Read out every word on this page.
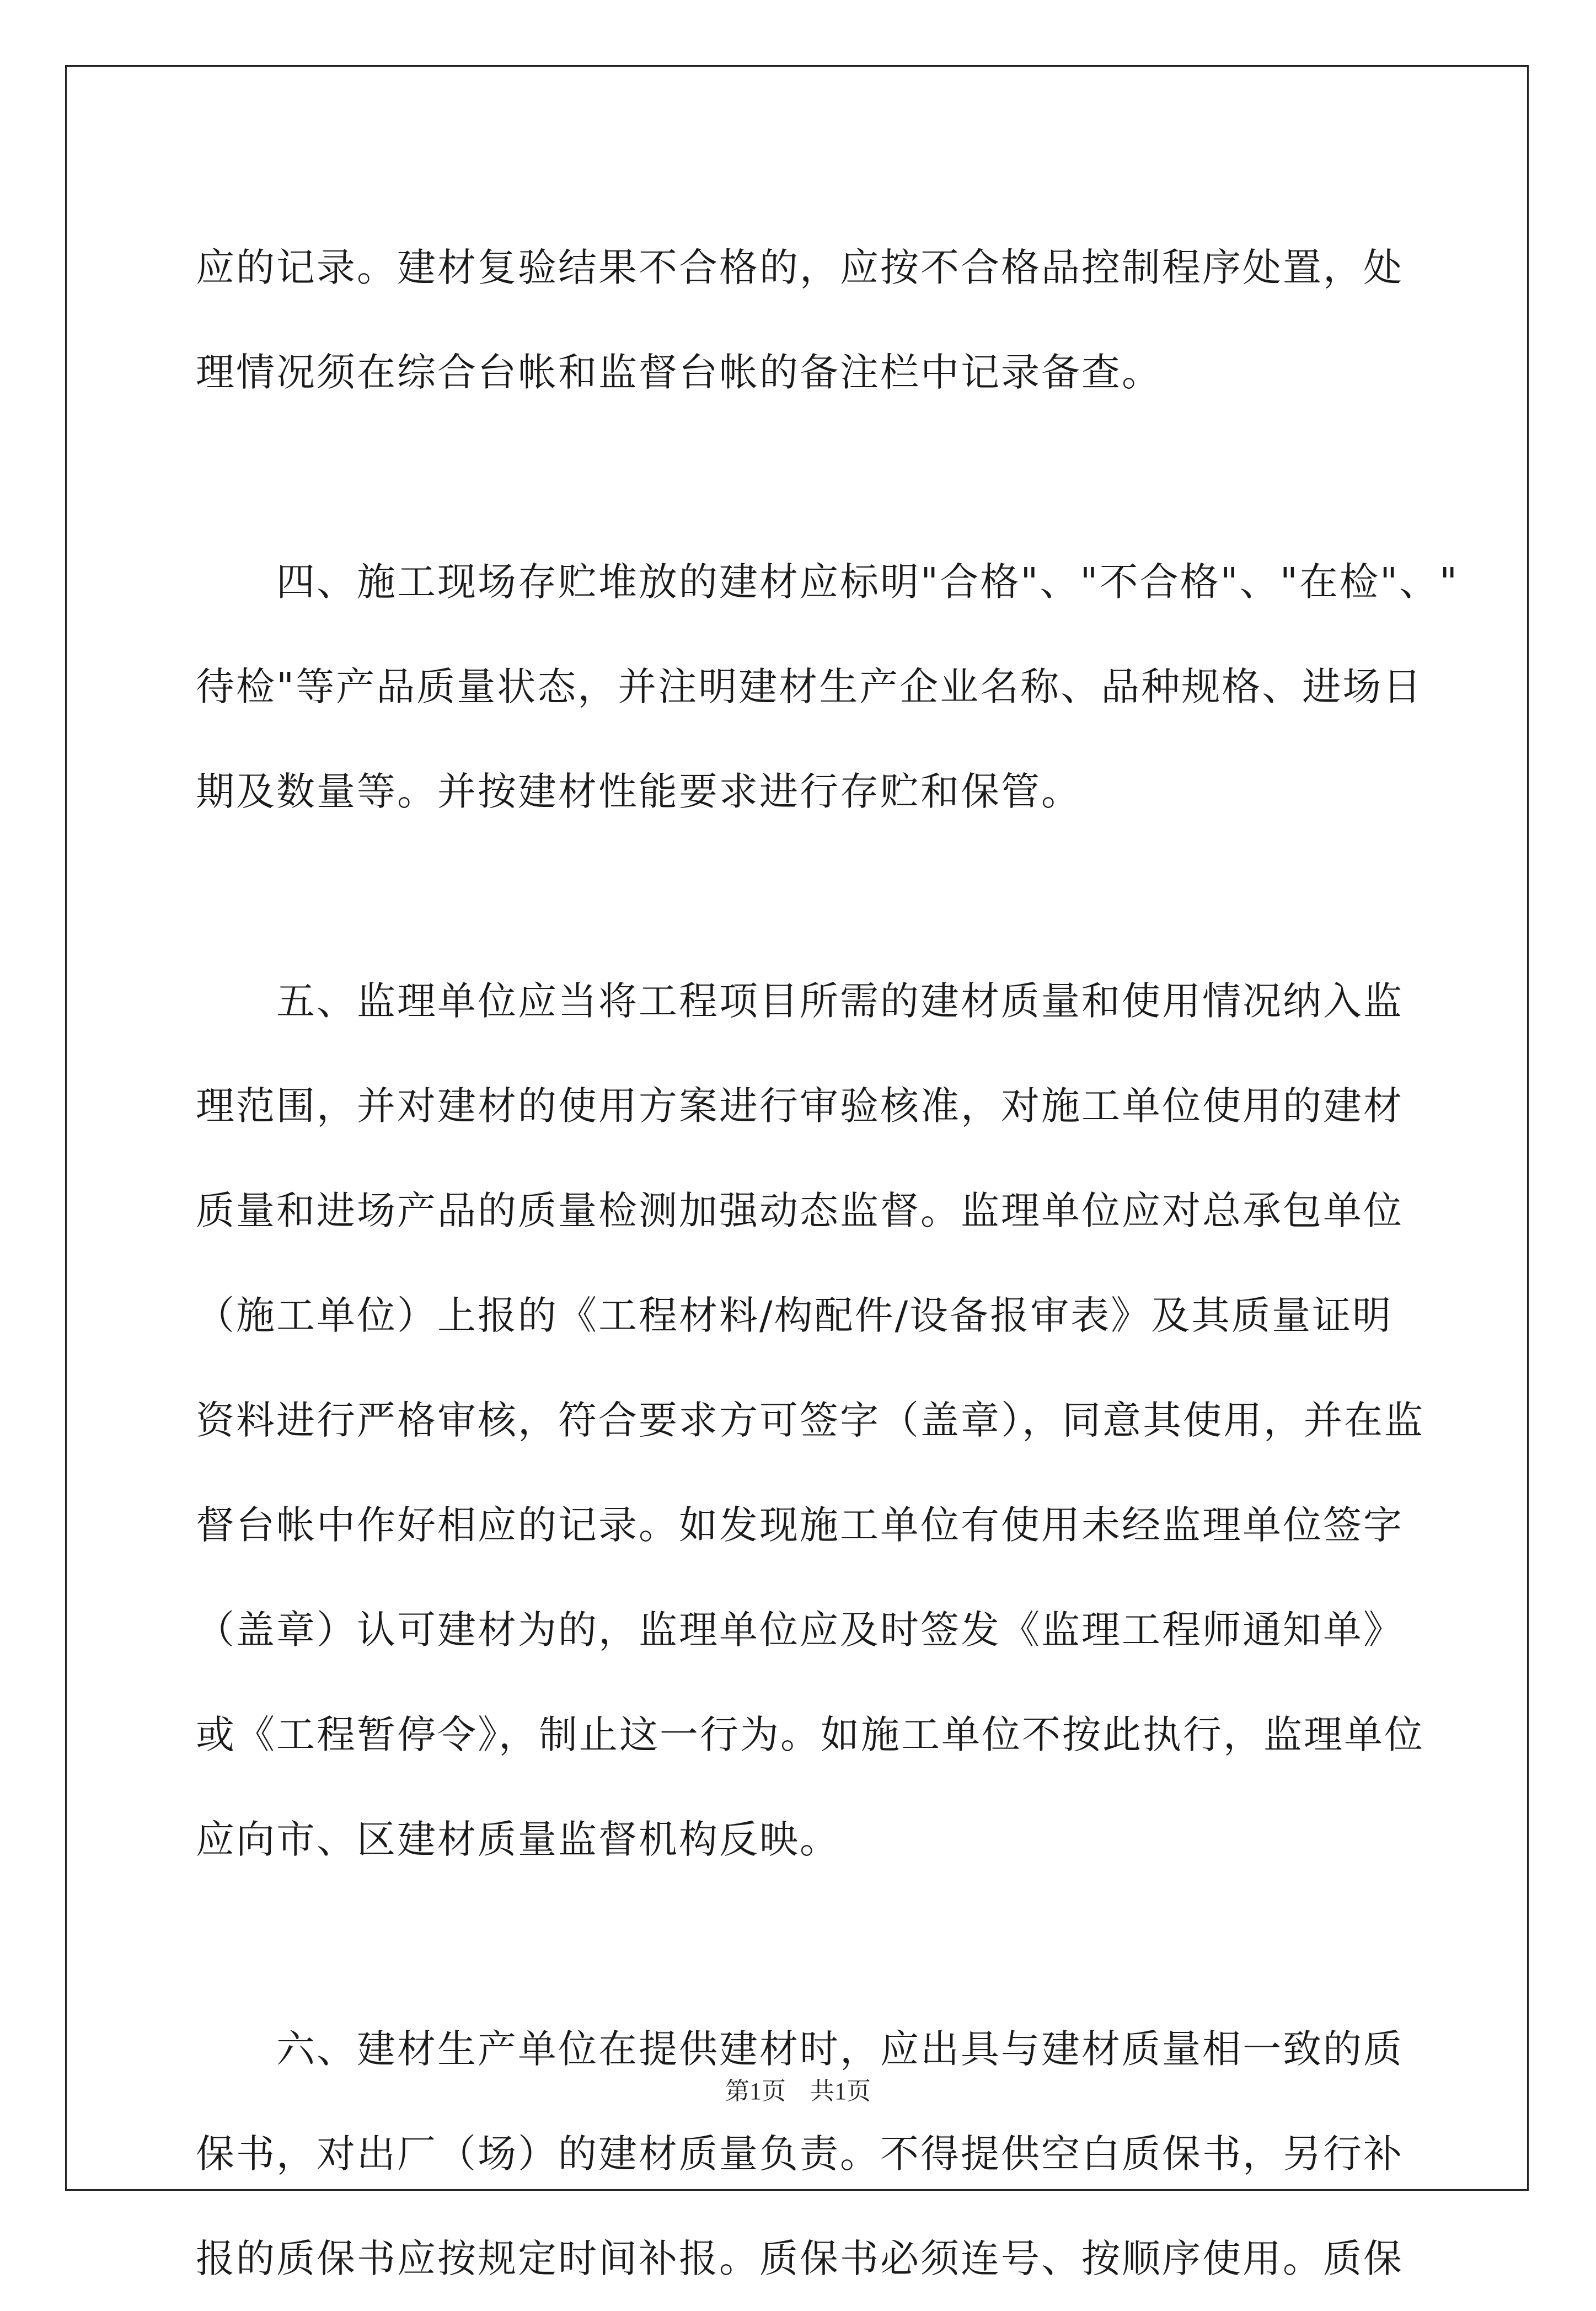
应的记录。建材复验结果不合格的，应按不合格品控制程序处置，处
理情况须在综合台帐和监督台帐的备注栏中记录备查。
　　四、施工现场存贮堆放的建材应标明"合格"、"不合格"、"在检"、"
待检"等产品质量状态，并注明建材生产企业名称、品种规格、进场日
期及数量等。并按建材性能要求进行存贮和保管。
　　五、监理单位应当将工程项目所需的建材质量和使用情况纳入监
理范围，并对建材的使用方案进行审验核准，对施工单位使用的建材
质量和进场产品的质量检测加强动态监督。监理单位应对总承包单位
（施工单位）上报的《工程材料/构配件/设备报审表》及其质量证明
资料进行严格审核，符合要求方可签字（盖章），同意其使用，并在监
督台帐中作好相应的记录。如发现施工单位有使用未经监理单位签字
（盖章）认可建材为的，监理单位应及时签发《监理工程师通知单》
或《工程暂停令》，制止这一行为。如施工单位不按此执行，监理单位
应向市、区建材质量监督机构反映。
　　六、建材生产单位在提供建材时，应出具与建材质量相一致的质
保书，对出厂（场）的建材质量负责。不得提供空白质保书，另行补
报的质保书应按规定时间补报。质保书必须连号、按顺序使用。质保
第1页　共1页
